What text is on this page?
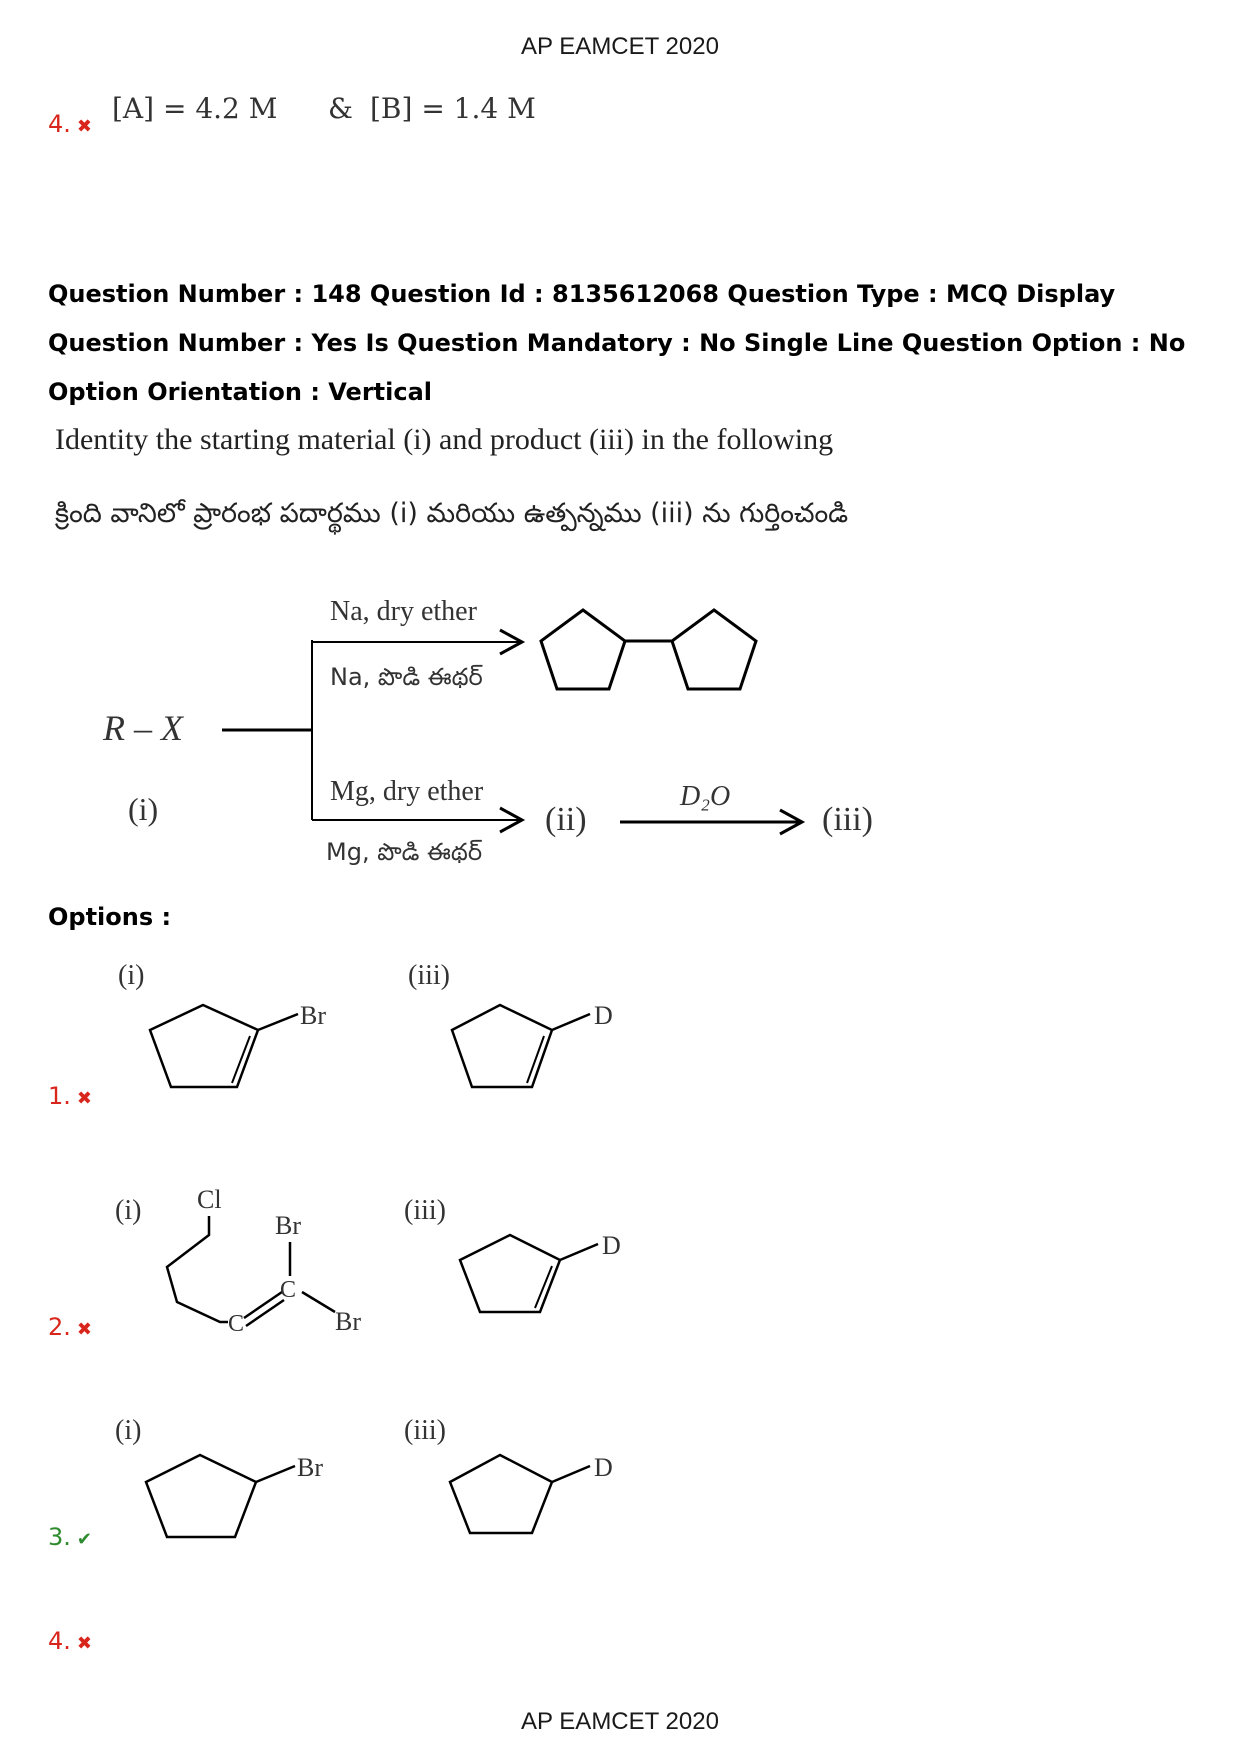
AP EAMCET 2020
4. ✖
[A] = 4.2 M & [B] = 1.4 M
Question Number : 148 Question Id : 8135612068 Question Type : MCQ Display Question Number : Yes Is Question Mandatory : No Single Line Question Option : No Option Orientation : Vertical
Identity the starting material (i) and product (iii) in the following
క్రింది వానిలో ప్రారంభ పదార్థము (i) మరియు ఉత్పన్నము (iii) ను గుర్తించండి
R – X
(i)
Na, dry ether
Na, పొడి ఈథర్
Mg, dry ether
Mg, పొడి ఈథర్
(ii)
D₂O
(iii)
Options :
1. ✖
(i)
Br
(iii)
D
2. ✖
(i) Cl
C
C
Br
Br
(iii)
D
3. ✔
(i)
Br
(iii)
D
4. ✖
AP EAMCET 2020
